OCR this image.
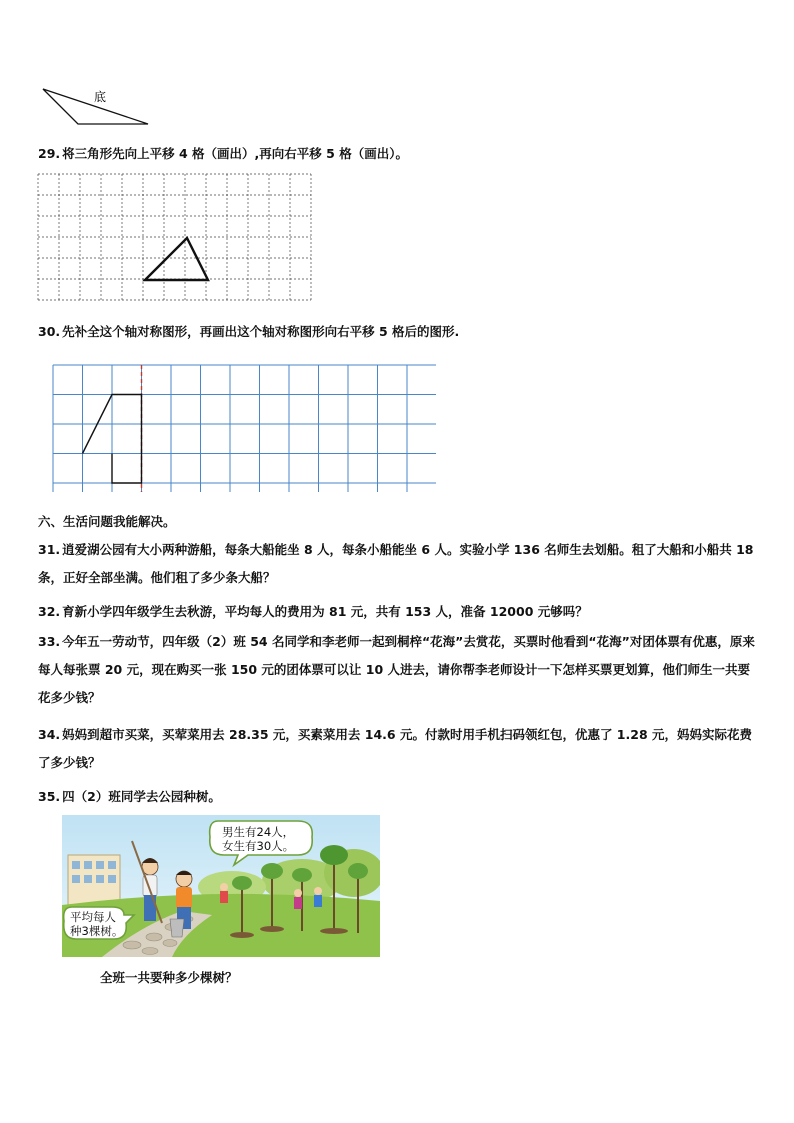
底
29. 将三角形先向上平移 4 格（画出）,再向右平移 5 格（画出）。
30. 先补全这个轴对称图形，再画出这个轴对称图形向右平移 5 格后的图形.
六、生活问题我能解决。
31. 逍爱湖公园有大小两种游船，每条大船能坐 8 人，每条小船能坐 6 人。实验小学 136 名师生去划船。租了大船和小船共 18 条，正好全部坐满。他们租了多少条大船？
32. 育新小学四年级学生去秋游，平均每人的费用为 81 元，共有 153 人，准备 12000 元够吗？
33. 今年五一劳动节，四年级（2）班 54 名同学和李老师一起到桐梓“花海”去赏花，买票时他看到“花海”对团体票有优惠，原来每人每张票 20 元，现在购买一张 150 元的团体票可以让 10 人进去，请你帮李老师设计一下怎样买票更划算，他们师生一共要花多少钱？
34. 妈妈到超市买菜，买荤菜用去 28.35 元，买素菜用去 14.6 元。付款时用手机扫码领红包，优惠了 1.28 元，妈妈实际花费了多少钱？
35. 四（2）班同学去公园种树。
男生有24人，
女生有30人。
平均每人
种3棵树。
全班一共要种多少棵树？
